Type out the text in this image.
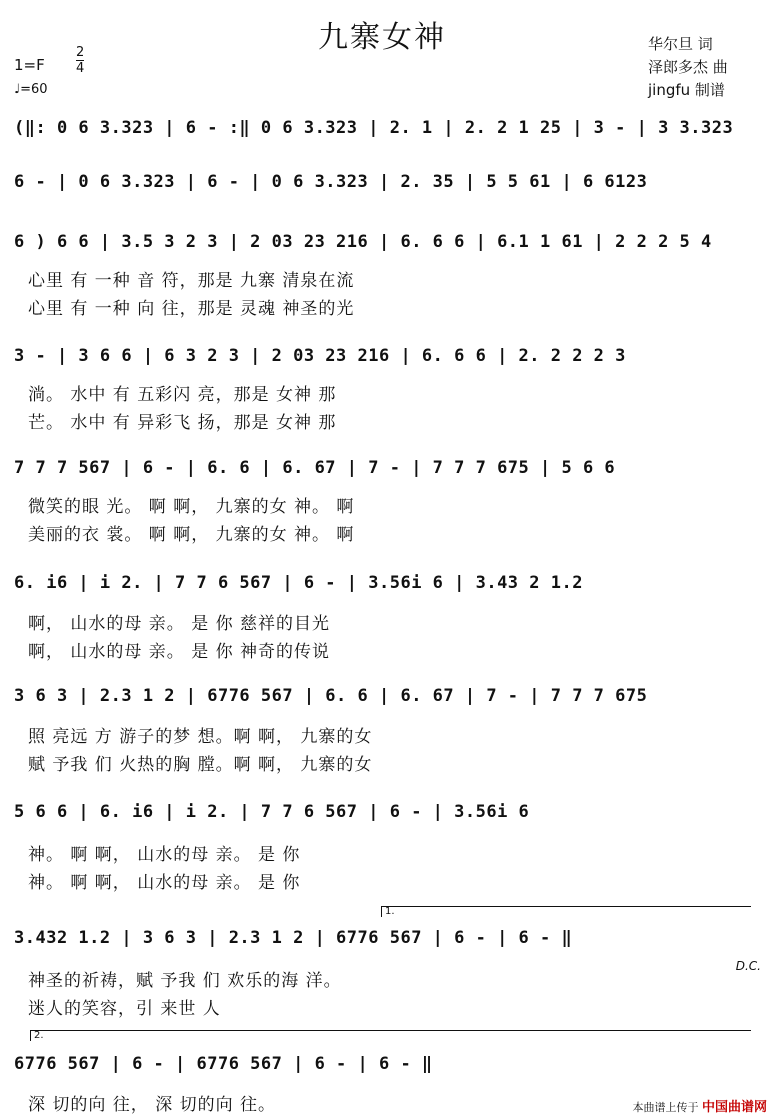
九寨女神	华尔旦 词
泽郎多杰 曲
jingfu 制谱
1=F
2
4
♩=60
(‖: 0 6 3.323 | 6 - :‖ 0 6 3.323 | 2. 1 | 2. 2 1 25 | 3 - | 3 3.323
6 - | 0 6 3.323 | 6 - | 0 6 3.323 | 2. 35 | 5 5 61 | 6 6123
6 ) 6 6 | 3.5 3 2 3 | 2 03 23 216 | 6. 6 6 | 6.1 1 61 | 2 2 2 5 4
心里 有 一种 音 符，那是 九寨 清泉在流
心里 有 一种 向 往，那是 灵魂 神圣的光
3 - | 3 6 6 | 6 3 2 3 | 2 03 23 216 | 6. 6 6 | 2. 2 2 2 3
淌。 水中 有 五彩闪 亮，那是 女神 那
芒。 水中 有 异彩飞 扬，那是 女神 那
7 7 7 567 | 6 - | 6. 6 | 6. 67 | 7 - | 7 7 7 675 | 5 6 6
微笑的眼 光。 啊 啊， 九寨的女 神。 啊
美丽的衣 裳。 啊 啊， 九寨的女 神。 啊
6. i6 | i 2. | 7 7 6 567 | 6 - | 3.56i 6 | 3.43 2 1.2
啊， 山水的母 亲。 是 你 慈祥的目光
啊， 山水的母 亲。 是 你 神奇的传说
3 6 3 | 2.3 1 2 | 6776 567 | 6. 6 | 6. 67 | 7 - | 7 7 7 675
照 亮远 方 游子的梦 想。啊 啊， 九寨的女
赋 予我 们 火热的胸 膛。啊 啊， 九寨的女
5 6 6 | 6. i6 | i 2. | 7 7 6 567 | 6 - | 3.56i 6
神。 啊 啊， 山水的母 亲。 是 你
神。 啊 啊， 山水的母 亲。 是 你
1.
3.432 1.2 | 3 6 3 | 2.3 1 2 | 6776 567 | 6 - | 6 - ‖
D.C.
神圣的祈祷，赋 予我 们 欢乐的海 洋。
迷人的笑容，引 来世 人
2.
6776 567 | 6 - | 6776 567 | 6 - | 6 - ‖
深 切的向 往， 深 切的向 往。	本曲谱上传于 中国曲谱网
